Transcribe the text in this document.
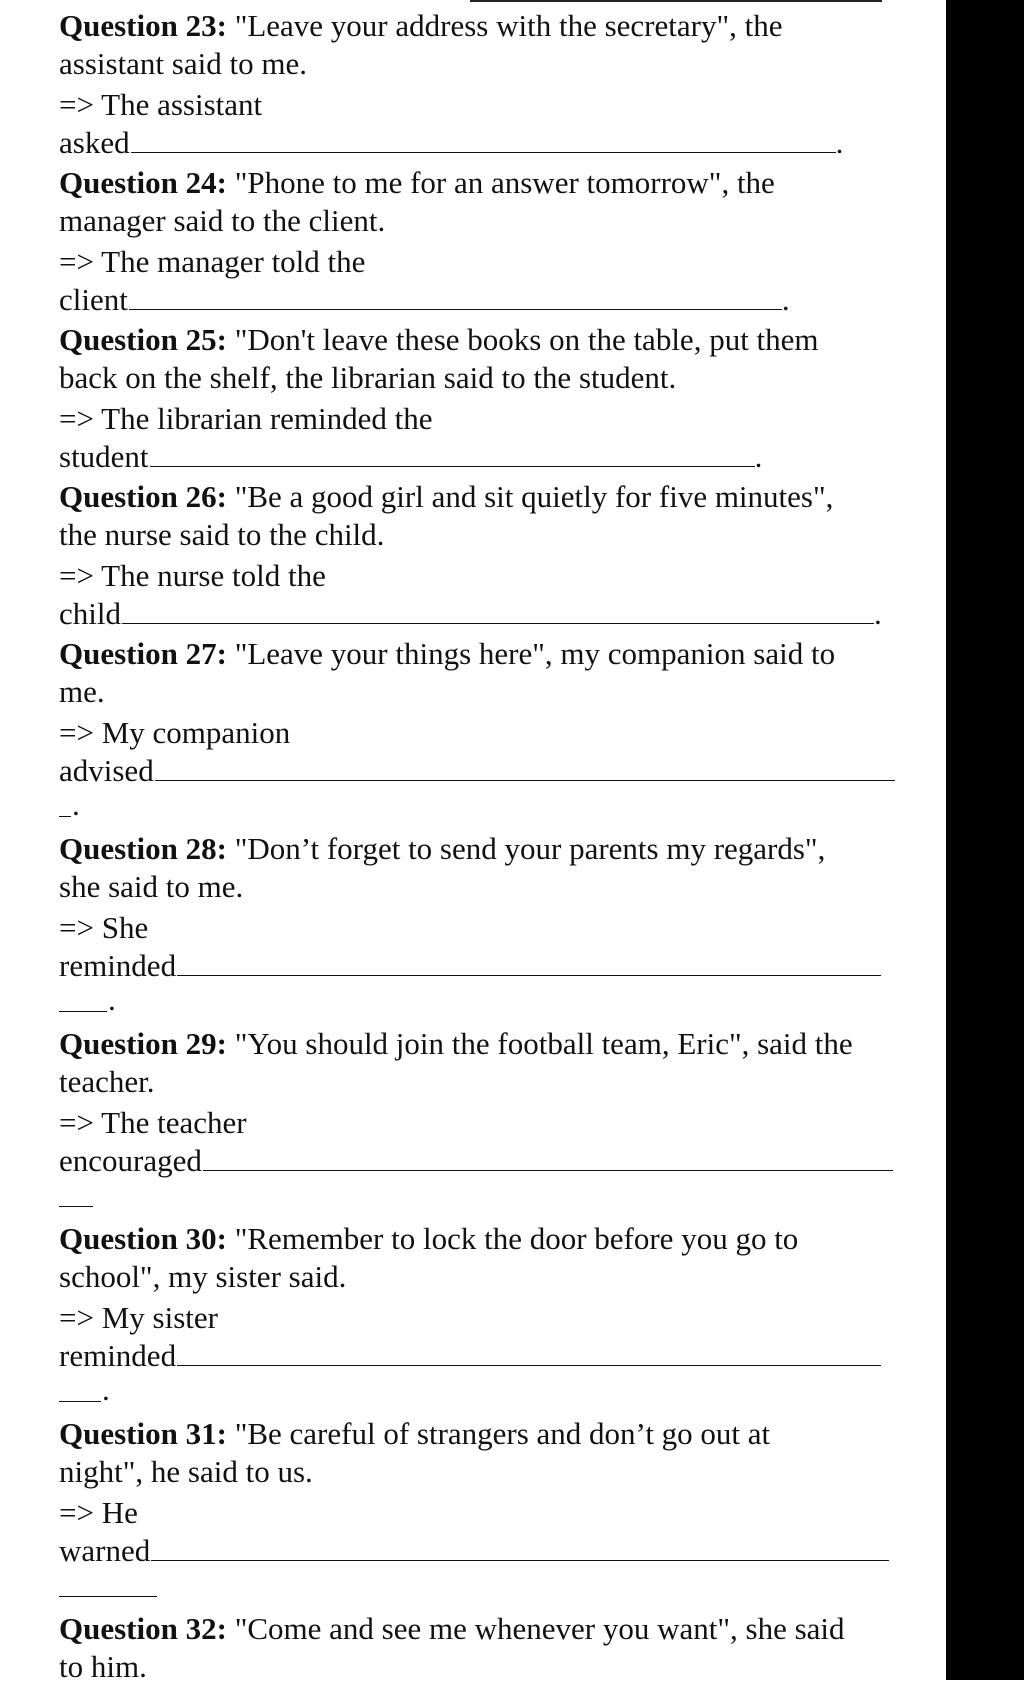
Question 23: "Leave your address with the secretary", the
assistant said to me.
=> The assistant
asked	.
Question 24: "Phone to me for an answer tomorrow", the
manager said to the client.
=> The manager told the
client	.
Question 25: "Don't leave these books on the table, put them
back on the shelf, the librarian said to the student.
=> The librarian reminded the
student	.
Question 26: "Be a good girl and sit quietly for five minutes",
the nurse said to the child.
=> The nurse told the
child	.
Question 27: "Leave your things here", my companion said to
me.
=> My companion
advised
.
Question 28: "Don’t forget to send your parents my regards",
she said to me.
=> She
reminded
.
Question 29: "You should join the football team, Eric", said the
teacher.
=> The teacher
encouraged
Question 30: "Remember to lock the door before you go to
school", my sister said.
=> My sister
reminded
.
Question 31: "Be careful of strangers and don’t go out at
night", he said to us.
=> He
warned
Question 32: "Come and see me whenever you want", she said
to him.
